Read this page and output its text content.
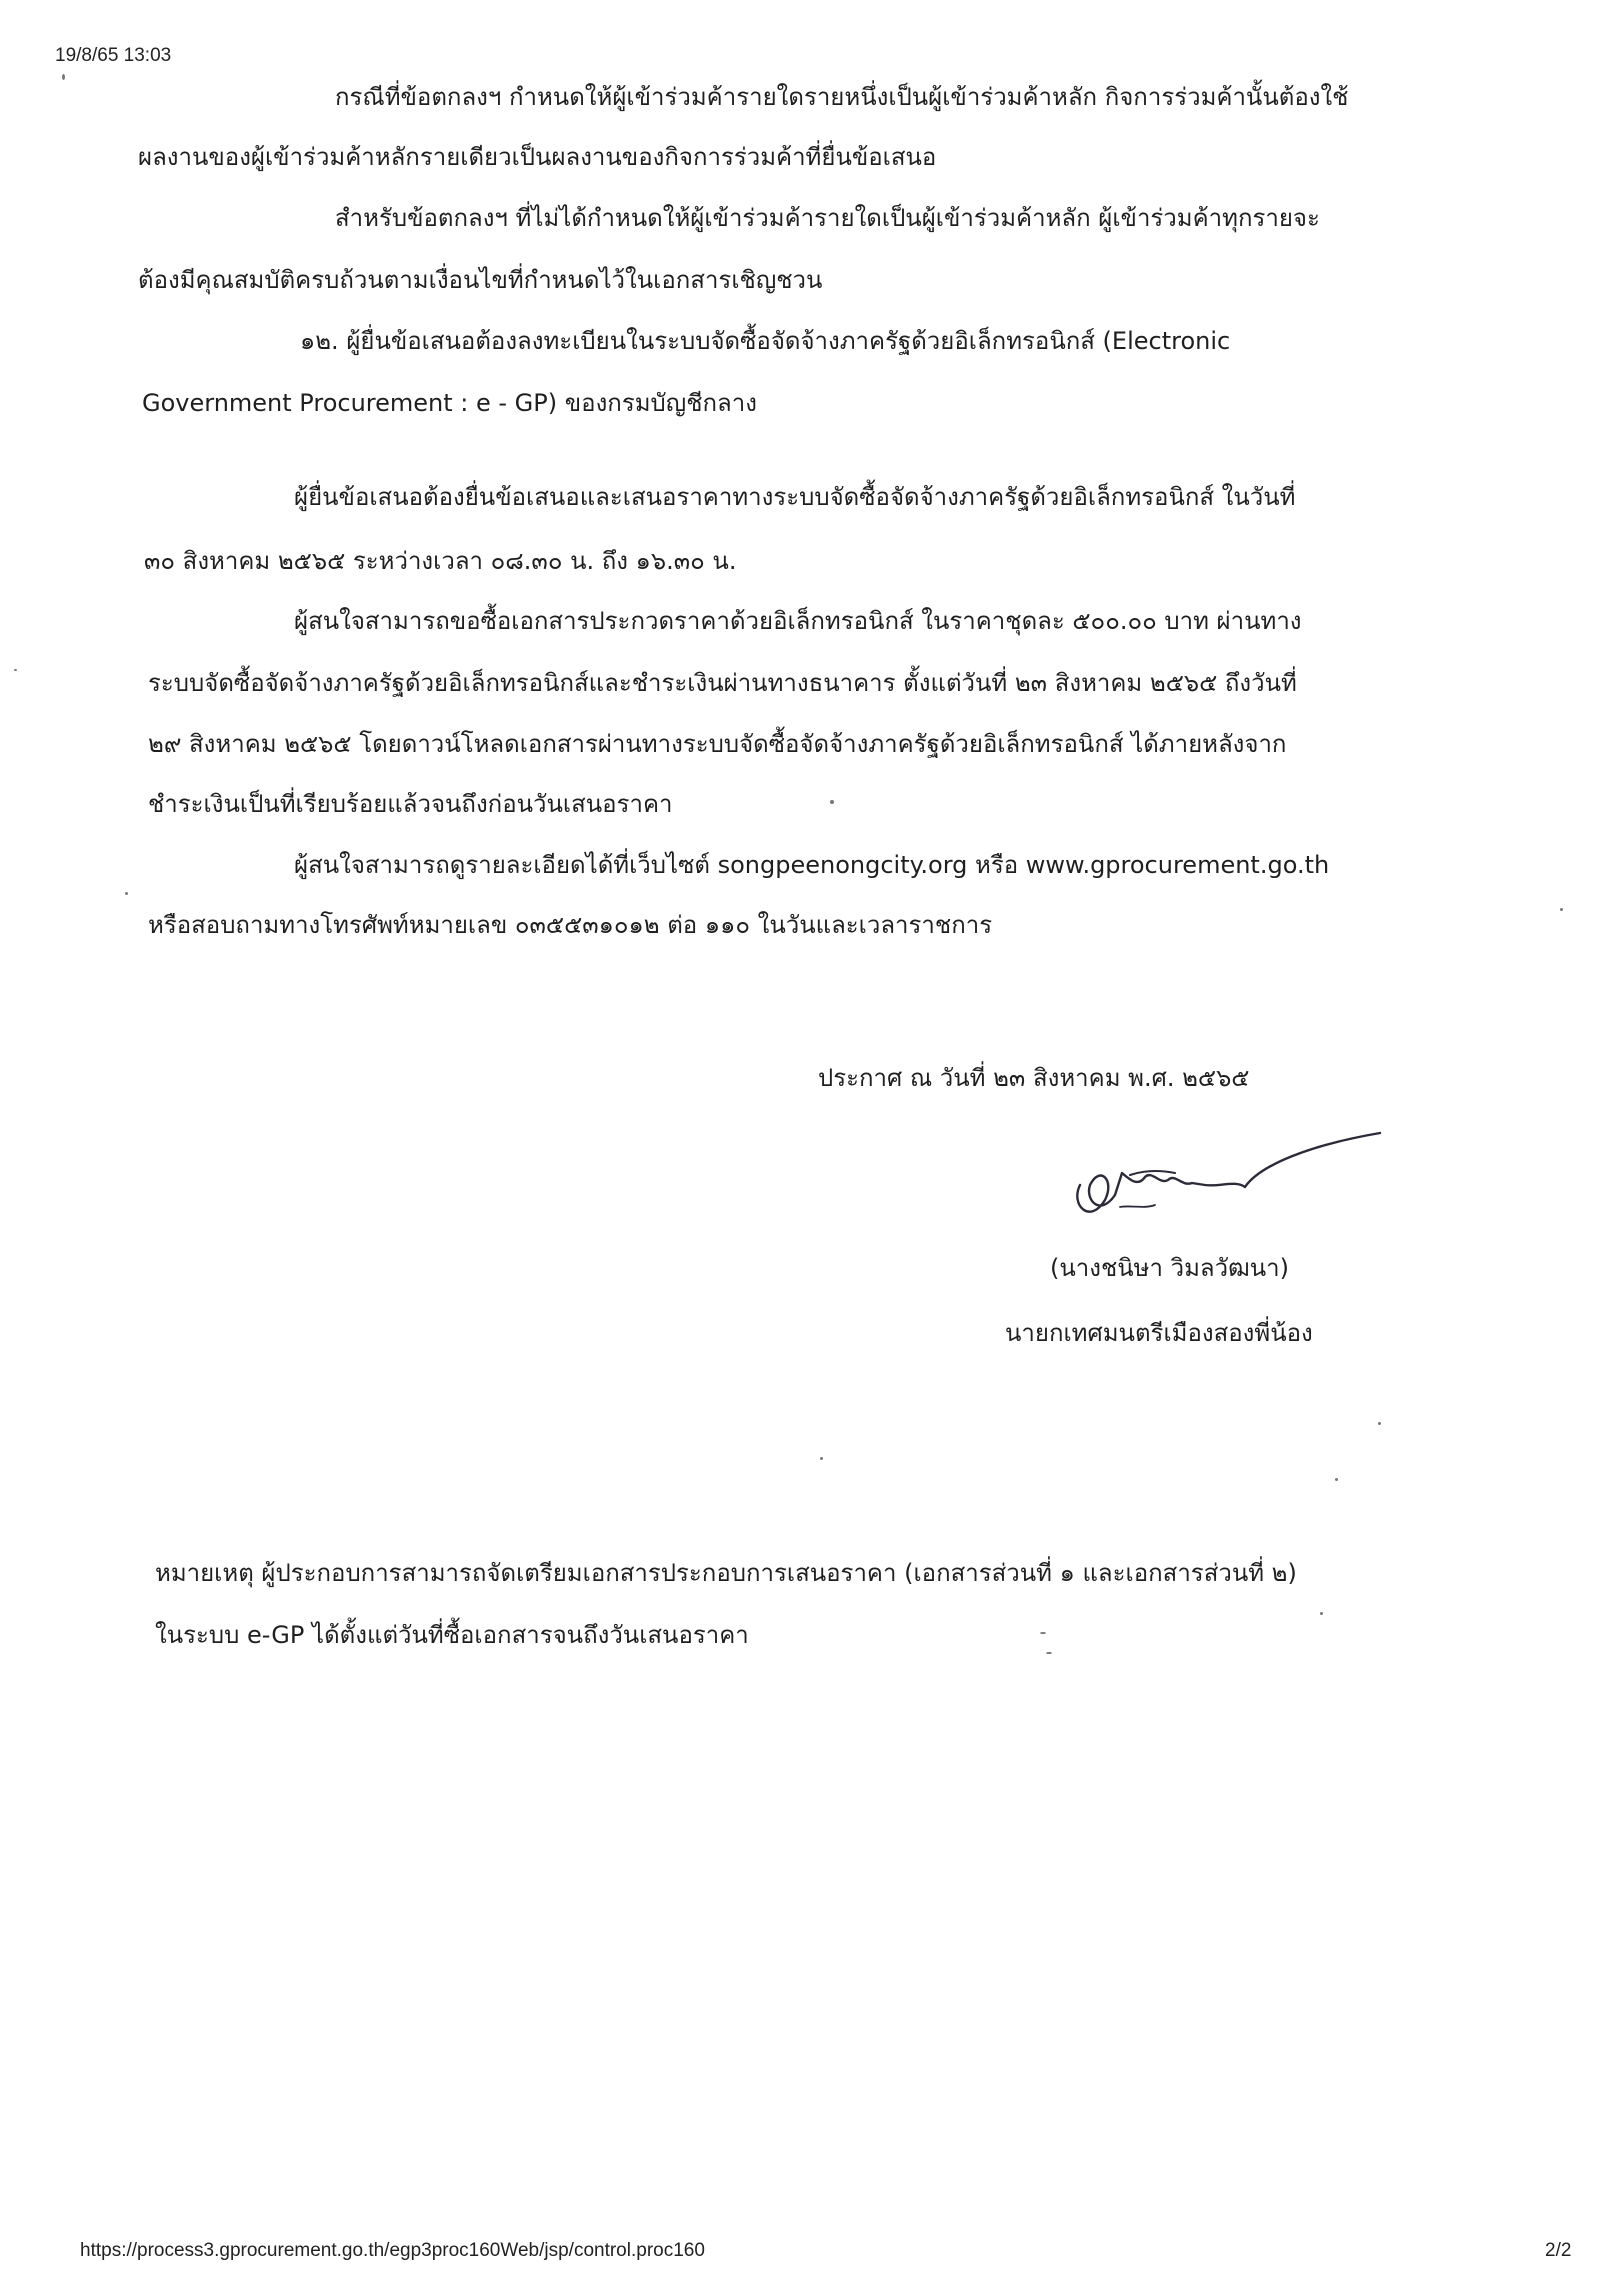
19/8/65 13:03
กรณีที่ข้อตกลงฯ กำหนดให้ผู้เข้าร่วมค้ารายใดรายหนึ่งเป็นผู้เข้าร่วมค้าหลัก กิจการร่วมค้านั้นต้องใช้
ผลงานของผู้เข้าร่วมค้าหลักรายเดียวเป็นผลงานของกิจการร่วมค้าที่ยื่นข้อเสนอ
สำหรับข้อตกลงฯ ที่ไม่ได้กำหนดให้ผู้เข้าร่วมค้ารายใดเป็นผู้เข้าร่วมค้าหลัก ผู้เข้าร่วมค้าทุกรายจะ
ต้องมีคุณสมบัติครบถ้วนตามเงื่อนไขที่กำหนดไว้ในเอกสารเชิญชวน
๑๒. ผู้ยื่นข้อเสนอต้องลงทะเบียนในระบบจัดซื้อจัดจ้างภาครัฐด้วยอิเล็กทรอนิกส์ (Electronic
Government Procurement : e - GP) ของกรมบัญชีกลาง
ผู้ยื่นข้อเสนอต้องยื่นข้อเสนอและเสนอราคาทางระบบจัดซื้อจัดจ้างภาครัฐด้วยอิเล็กทรอนิกส์ ในวันที่
๓๐ สิงหาคม ๒๕๖๕ ระหว่างเวลา ๐๘.๓๐ น. ถึง ๑๖.๓๐ น.
ผู้สนใจสามารถขอซื้อเอกสารประกวดราคาด้วยอิเล็กทรอนิกส์ ในราคาชุดละ ๕๐๐.๐๐ บาท ผ่านทาง
ระบบจัดซื้อจัดจ้างภาครัฐด้วยอิเล็กทรอนิกส์และชำระเงินผ่านทางธนาคาร ตั้งแต่วันที่ ๒๓ สิงหาคม ๒๕๖๕ ถึงวันที่
๒๙ สิงหาคม ๒๕๖๕ โดยดาวน์โหลดเอกสารผ่านทางระบบจัดซื้อจัดจ้างภาครัฐด้วยอิเล็กทรอนิกส์ ได้ภายหลังจาก
ชำระเงินเป็นที่เรียบร้อยแล้วจนถึงก่อนวันเสนอราคา
ผู้สนใจสามารถดูรายละเอียดได้ที่เว็บไซต์ songpeenongcity.org หรือ www.gprocurement.go.th
หรือสอบถามทางโทรศัพท์หมายเลข ๐๓๕๕๓๑๐๑๒ ต่อ ๑๑๐ ในวันและเวลาราชการ
ประกาศ ณ วันที่ ๒๓ สิงหาคม พ.ศ. ๒๕๖๕
(นางชนิษา วิมลวัฒนา)
นายกเทศมนตรีเมืองสองพี่น้อง
หมายเหตุ ผู้ประกอบการสามารถจัดเตรียมเอกสารประกอบการเสนอราคา (เอกสารส่วนที่ ๑ และเอกสารส่วนที่ ๒)
ในระบบ e-GP ได้ตั้งแต่วันที่ซื้อเอกสารจนถึงวันเสนอราคา
https://process3.gprocurement.go.th/egp3proc160Web/jsp/control.proc160	2/2
